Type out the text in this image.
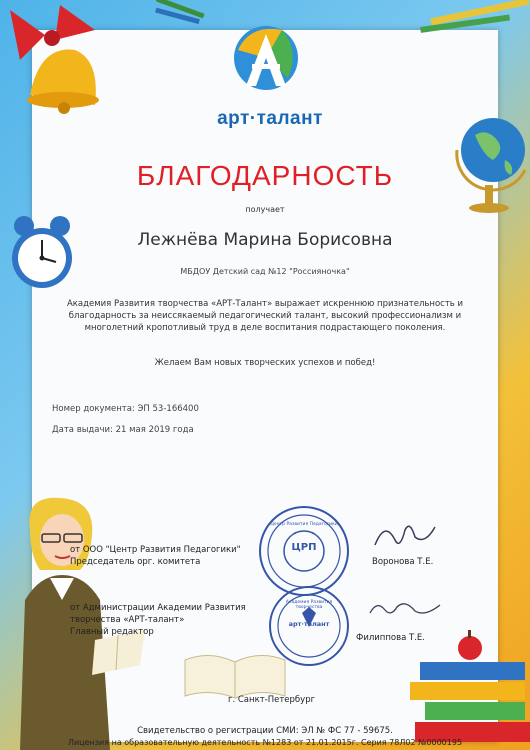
арт·талант
БЛАГОДАРНОСТЬ
получает
Лежнёва Марина Борисовна
МБДОУ Детский сад №12 "Россияночка"
Академия Развития творчества «АРТ-Талант» выражает искреннюю признательность и
благодарность за неиссякаемый педагогический талант, высокий профессионализм и
многолетний кропотливый труд в деле воспитания подрастающего поколения.
Желаем Вам новых творческих успехов и побед!
Номер документа: ЭП 53-166400
Дата выдачи: 21 мая 2019 года
от ООО "Центр Развития Педагогики"
Председатель орг. комитета
ЦРП
Центр Развития Педагогики
Воронова Т.Е.
от Администрации Академии Развития
творчества «АРТ-талант»
Главный редактор
арт·талант
Академия Развития творчества
Филиппова Т.Е.
г. Санкт-Петербург
Свидетельство о регистрации СМИ: ЭЛ № ФС 77 - 59675.
Лицензия на образовательную деятельность №1283 от 21.01.2015г. Серия 78Л02 №0000195
